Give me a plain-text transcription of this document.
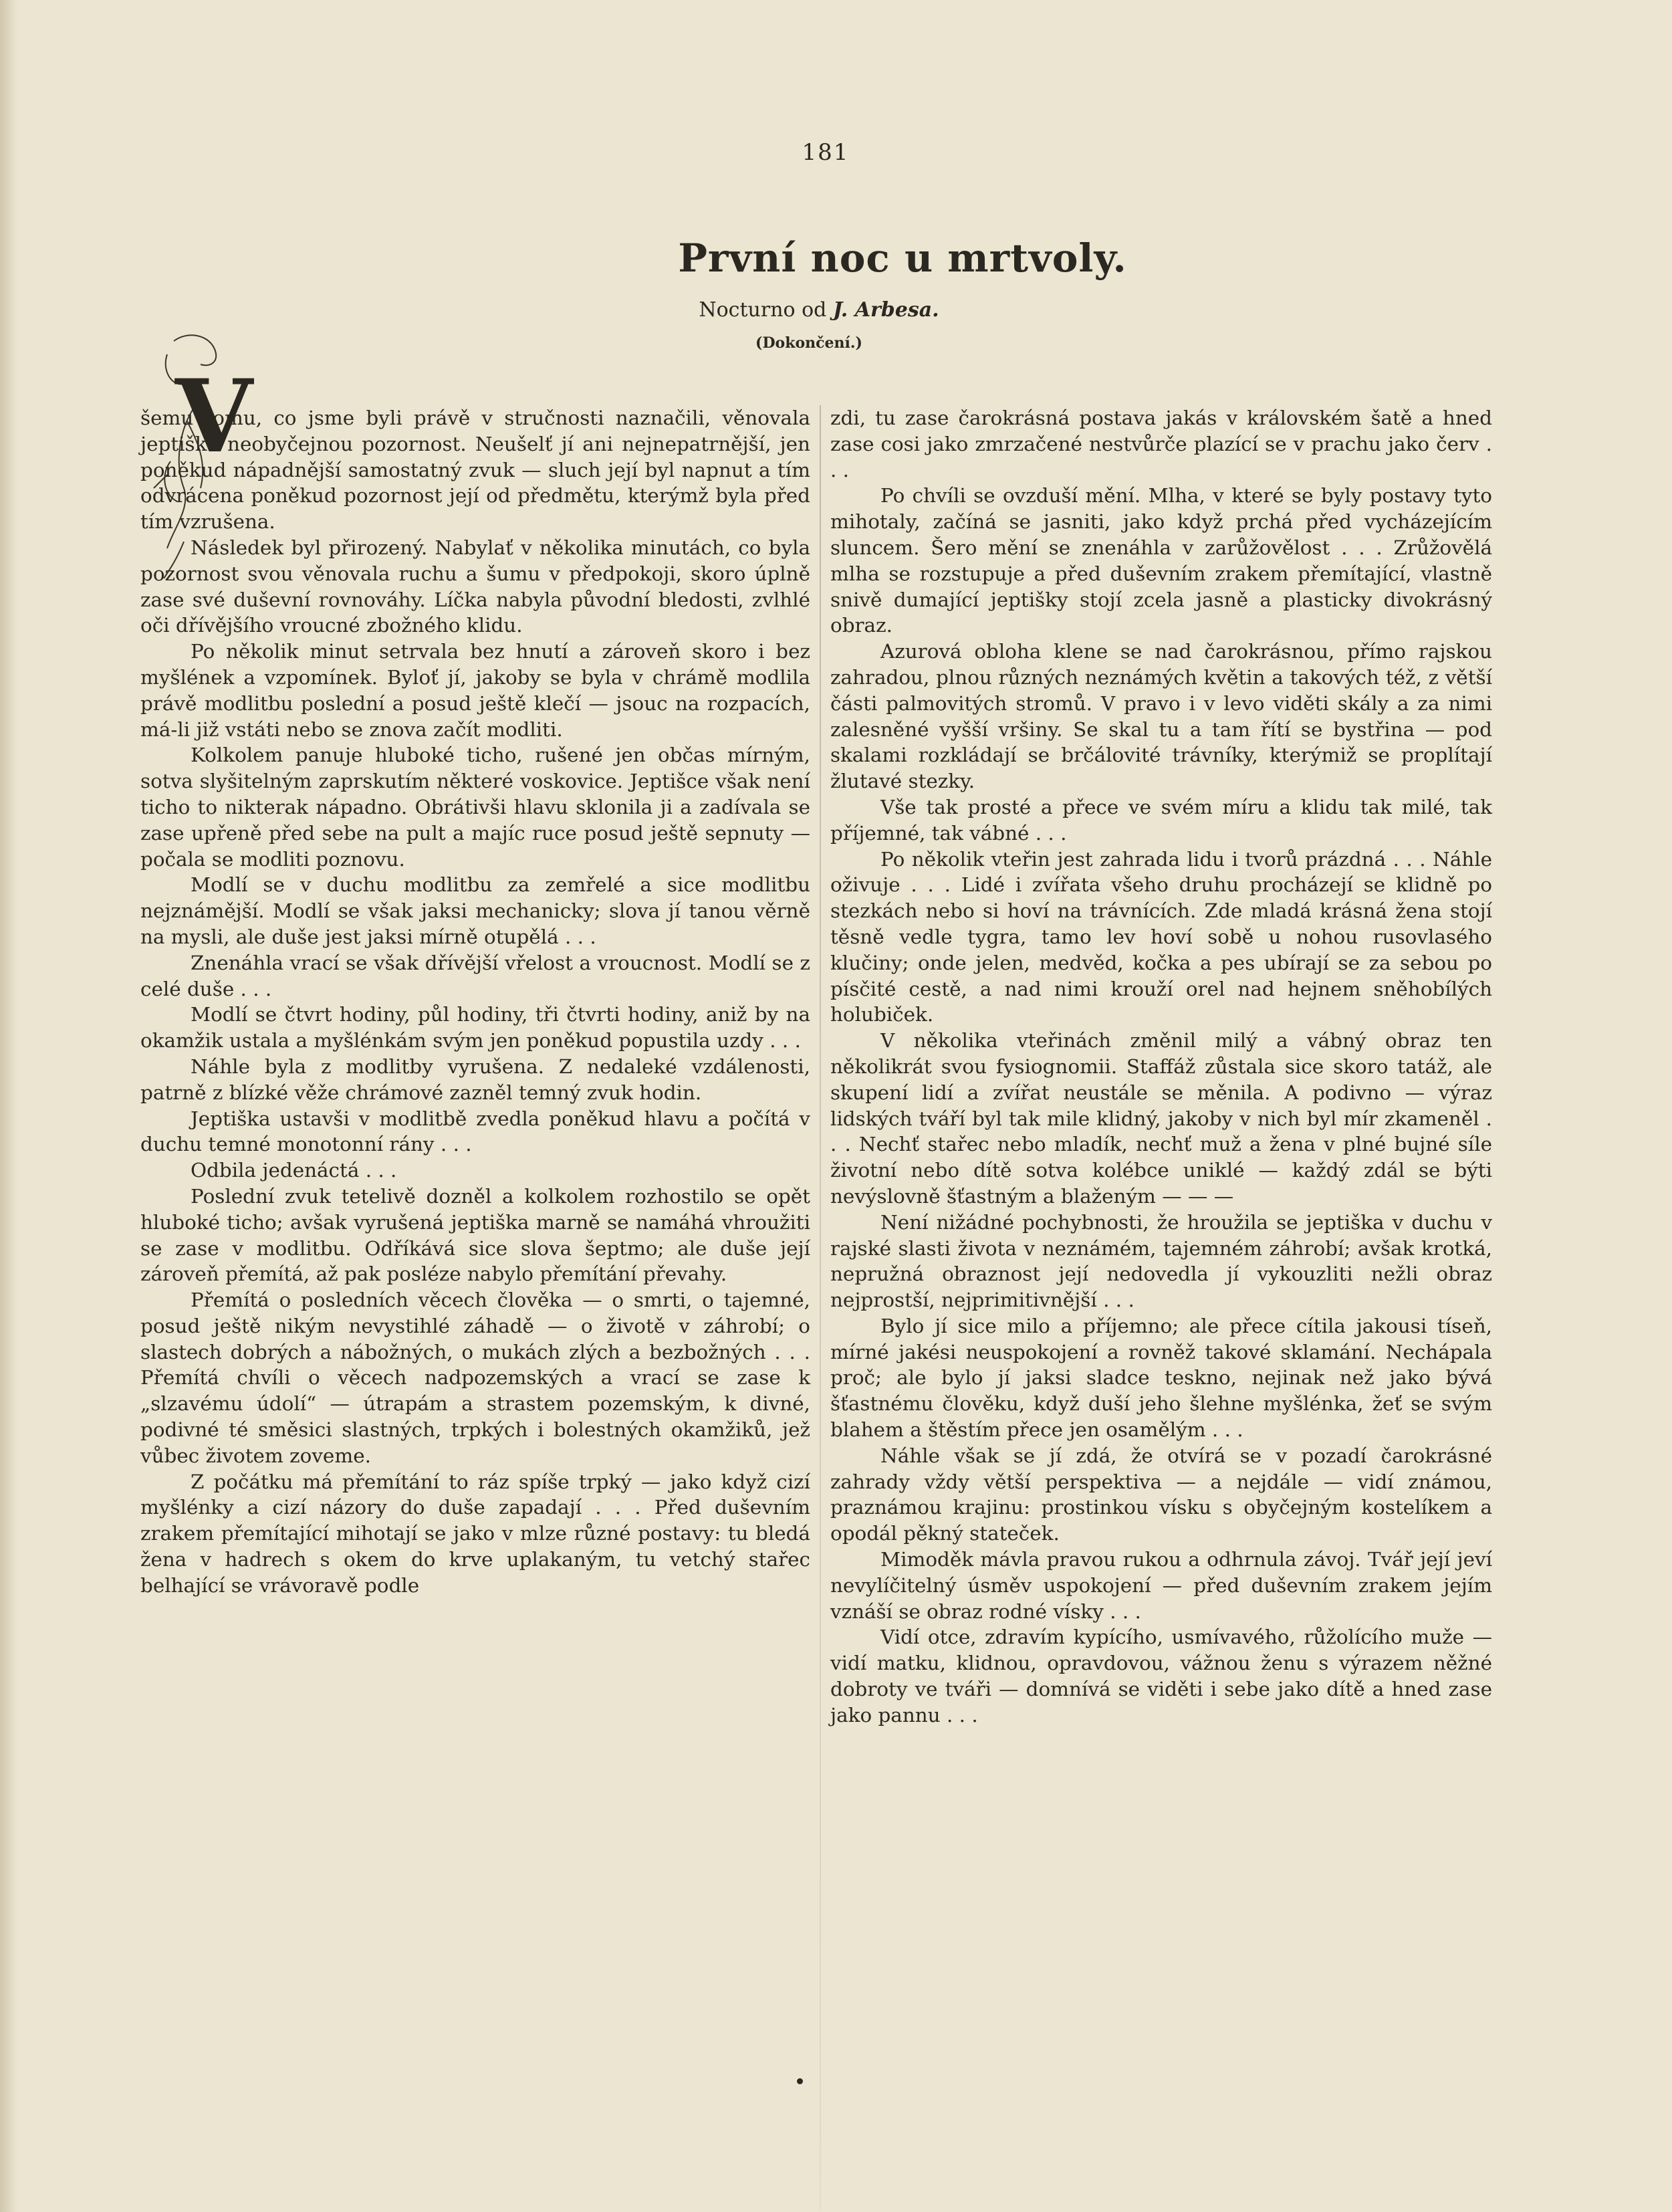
181
První noc u mrtvoly.
Nocturno od J. Arbesa.
(Dokončení.)
V

šemu tomu, co jsme byli právě v stručnosti naznačili, věnovala jeptiška neobyčejnou pozornost. Neušelť jí ani nejnepatrnější, jen poněkud nápadnější samostatný zvuk — sluch její byl napnut a tím odvrácena poněkud pozornost její od předmětu, kterýmž byla před tím vzrušena.

Následek byl přirozený. Nabylať v několika minutách, co byla pozornost svou věnovala ruchu a šumu v předpokoji, skoro úplně zase své duševní rovnováhy. Líčka nabyla původní bledosti, zvlhlé oči dřívějšího vroucné zbožného klidu.

Po několik minut setrvala bez hnutí a zároveň skoro i bez myšlének a vzpomínek. Byloť jí, jakoby se byla v chrámě modlila právě modlitbu poslední a posud ještě klečí — jsouc na rozpacích, má-li již vstáti nebo se znova začít modliti.

Kolkolem panuje hluboké ticho, rušené jen občas mírným, sotva slyšitelným zaprskutím některé voskovice. Jeptišce však není ticho to nikterak nápadno. Obrátivši hlavu sklonila ji a zadívala se zase upřeně před sebe na pult a majíc ruce posud ještě sepnuty — počala se modliti poznovu.

Modlí se v duchu modlitbu za zemřelé a sice modlitbu nejznámější. Modlí se však jaksi mechanicky; slova jí tanou věrně na mysli, ale duše jest jaksi mírně otupělá . . .

Znenáhla vrací se však dřívější vřelost a vroucnost. Modlí se z celé duše . . .

Modlí se čtvrt hodiny, půl hodiny, tři čtvrti hodiny, aniž by na okamžik ustala a myšlénkám svým jen poněkud popustila uzdy . . .

Náhle byla z modlitby vyrušena. Z nedaleké vzdálenosti, patrně z blízké věže chrámové zazněl temný zvuk hodin.

Jeptiška ustavši v modlitbě zvedla poněkud hlavu a počítá v duchu temné monotonní rány . . .

Odbila jedenáctá . . .

Poslední zvuk tetelivě dozněl a kolkolem rozhostilo se opět hluboké ticho; avšak vyrušená jeptiška marně se namáhá vhroužiti se zase v modlitbu. Odříkává sice slova šeptmo; ale duše její zároveň přemítá, až pak posléze nabylo přemítání převahy.

Přemítá o posledních věcech člověka — o smrti, o tajemné, posud ještě nikým nevystihlé záhadě — o životě v záhrobí; o slastech dobrých a nábožných, o mukách zlých a bezbožných . . . Přemítá chvíli o věcech nadpozemských a vrací se zase k „slzavému údolí“ — útrapám a strastem pozemským, k divné, podivné té směsici slastných, trpkých i bolestných okamžiků, jež vůbec životem zoveme.

Z počátku má přemítání to ráz spíše trpký — jako když cizí myšlénky a cizí názory do duše zapadají . . . Před duševním zrakem přemítající mihotají se jako v mlze různé postavy: tu bledá žena v hadrech s okem do krve uplakaným, tu vetchý stařec belhající se vrávoravě podle

zdi, tu zase čarokrásná postava jakás v královském šatě a hned zase cosi jako zmrzačené nestvůrče plazící se v prachu jako červ . . .

Po chvíli se ovzduší mění. Mlha, v které se byly postavy tyto mihotaly, začíná se jasniti, jako když prchá před vycházejícím sluncem. Šero mění se znenáhla v zarůžovělost . . . Zrůžovělá mlha se rozstupuje a před duševním zrakem přemítající, vlastně snivě dumající jeptišky stojí zcela jasně a plasticky divokrásný obraz.

Azurová obloha klene se nad čarokrásnou, přímo rajskou zahradou, plnou různých neznámých květin a takových též, z větší části palmovitých stromů. V pravo i v levo viděti skály a za nimi zalesněné vyšší vršiny. Se skal tu a tam řítí se bystřina — pod skalami rozkládají se brčálovité trávníky, kterýmiž se proplítají žlutavé stezky.

Vše tak prosté a přece ve svém míru a klidu tak milé, tak příjemné, tak vábné . . .

Po několik vteřin jest zahrada lidu i tvorů prázdná . . . Náhle oživuje . . . Lidé i zvířata všeho druhu procházejí se klidně po stezkách nebo si hoví na trávnících. Zde mladá krásná žena stojí těsně vedle tygra, tamo lev hoví sobě u nohou rusovlasého klučiny; onde jelen, medvěd, kočka a pes ubírají se za sebou po písčité cestě, a nad nimi krouží orel nad hejnem sněhobílých holubiček.

V několika vteřinách změnil milý a vábný obraz ten několikrát svou fysiognomii. Staffáž zůstala sice skoro tatáž, ale skupení lidí a zvířat neustále se měnila. A podivno — výraz lidských tváří byl tak mile klidný, jakoby v nich byl mír zkameněl . . . Nechť stařec nebo mladík, nechť muž a žena v plné bujné síle životní nebo dítě sotva kolébce uniklé — každý zdál se býti nevýslovně šťastným a blaženým — — —

Není nižádné pochybnosti, že hroužila se jeptiška v duchu v rajské slasti života v neznámém, tajemném záhrobí; avšak krotká, nepružná obraznost její nedovedla jí vykouzliti nežli obraz nejprostší, nejprimitivnější . . .

Bylo jí sice milo a příjemno; ale přece cítila jakousi tíseň, mírné jakési neuspokojení a rovněž takové sklamání. Nechápala proč; ale bylo jí jaksi sladce teskno, nejinak než jako bývá šťastnému člověku, když duší jeho šlehne myšlénka, žeť se svým blahem a štěstím přece jen osamělým . . .

Náhle však se jí zdá, že otvírá se v pozadí čarokrásné zahrady vždy větší perspektiva — a nejdále — vidí známou, praznámou krajinu: prostinkou vísku s obyčejným kostelíkem a opodál pěkný stateček.

Mimoděk mávla pravou rukou a odhrnula závoj. Tvář její jeví nevylíčitelný úsměv uspokojení — před duševním zrakem jejím vznáší se obraz rodné vísky . . .

Vidí otce, zdravím kypícího, usmívavého, růžolícího muže — vidí matku, klidnou, opravdovou, vážnou ženu s výrazem něžné dobroty ve tváři — domnívá se viděti i sebe jako dítě a hned zase jako pannu . . .
